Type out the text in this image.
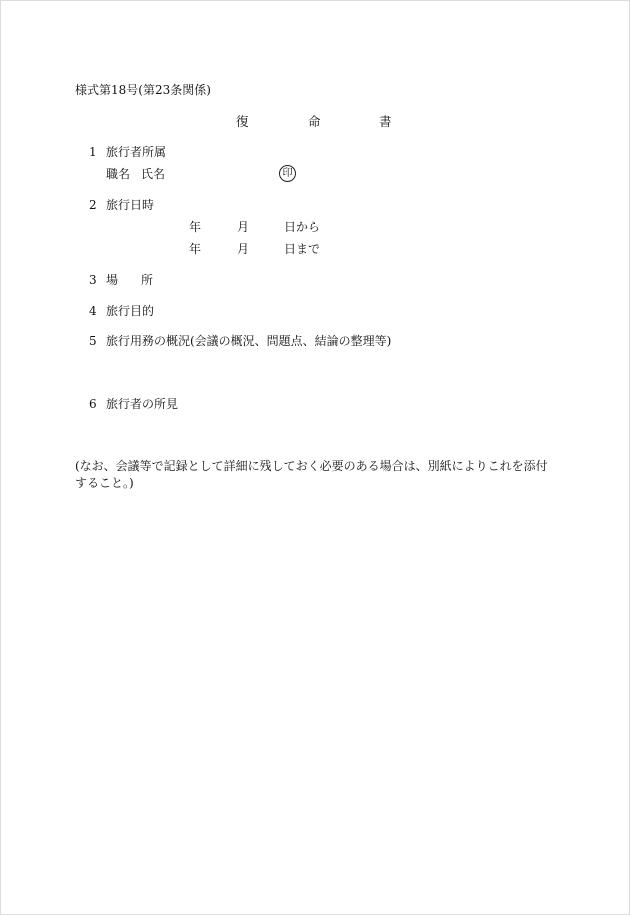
様式第18号(第23条関係)
復	命	書
1 旅行者所属
職名 氏名	印
2 旅行日時
年	月	日から
年	月	日まで
3 場 所
4 旅行目的
5 旅行用務の概況(会議の概況、問題点、結論の整理等)
6 旅行者の所見
(なお、会議等で記録として詳細に残しておく必要のある場合は、別紙によりこれを添付すること。)
